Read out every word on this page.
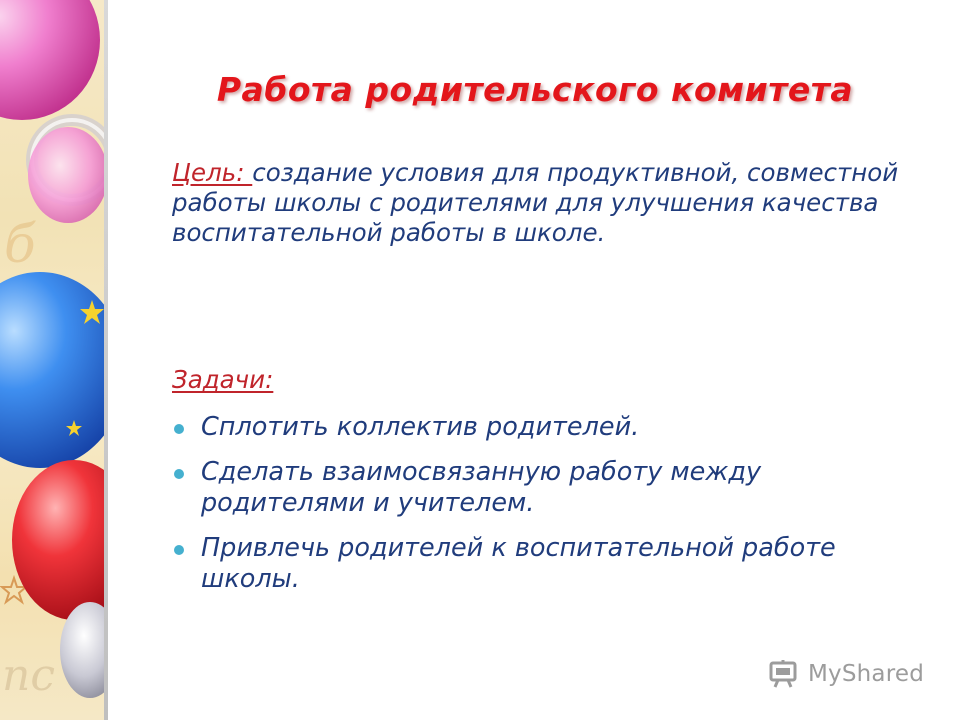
б
nc
Работа родительского комитета

Цель: создание условия для продуктивной, совместной работы школы с родителями для улучшения качества воспитательной работы в школе.

Задачи:

Сплотить коллектив родителей.
Сделать взаимосвязанную работу между родителями и учителем.
Привлечь родителей к воспитательной работе школы.
MyShared
